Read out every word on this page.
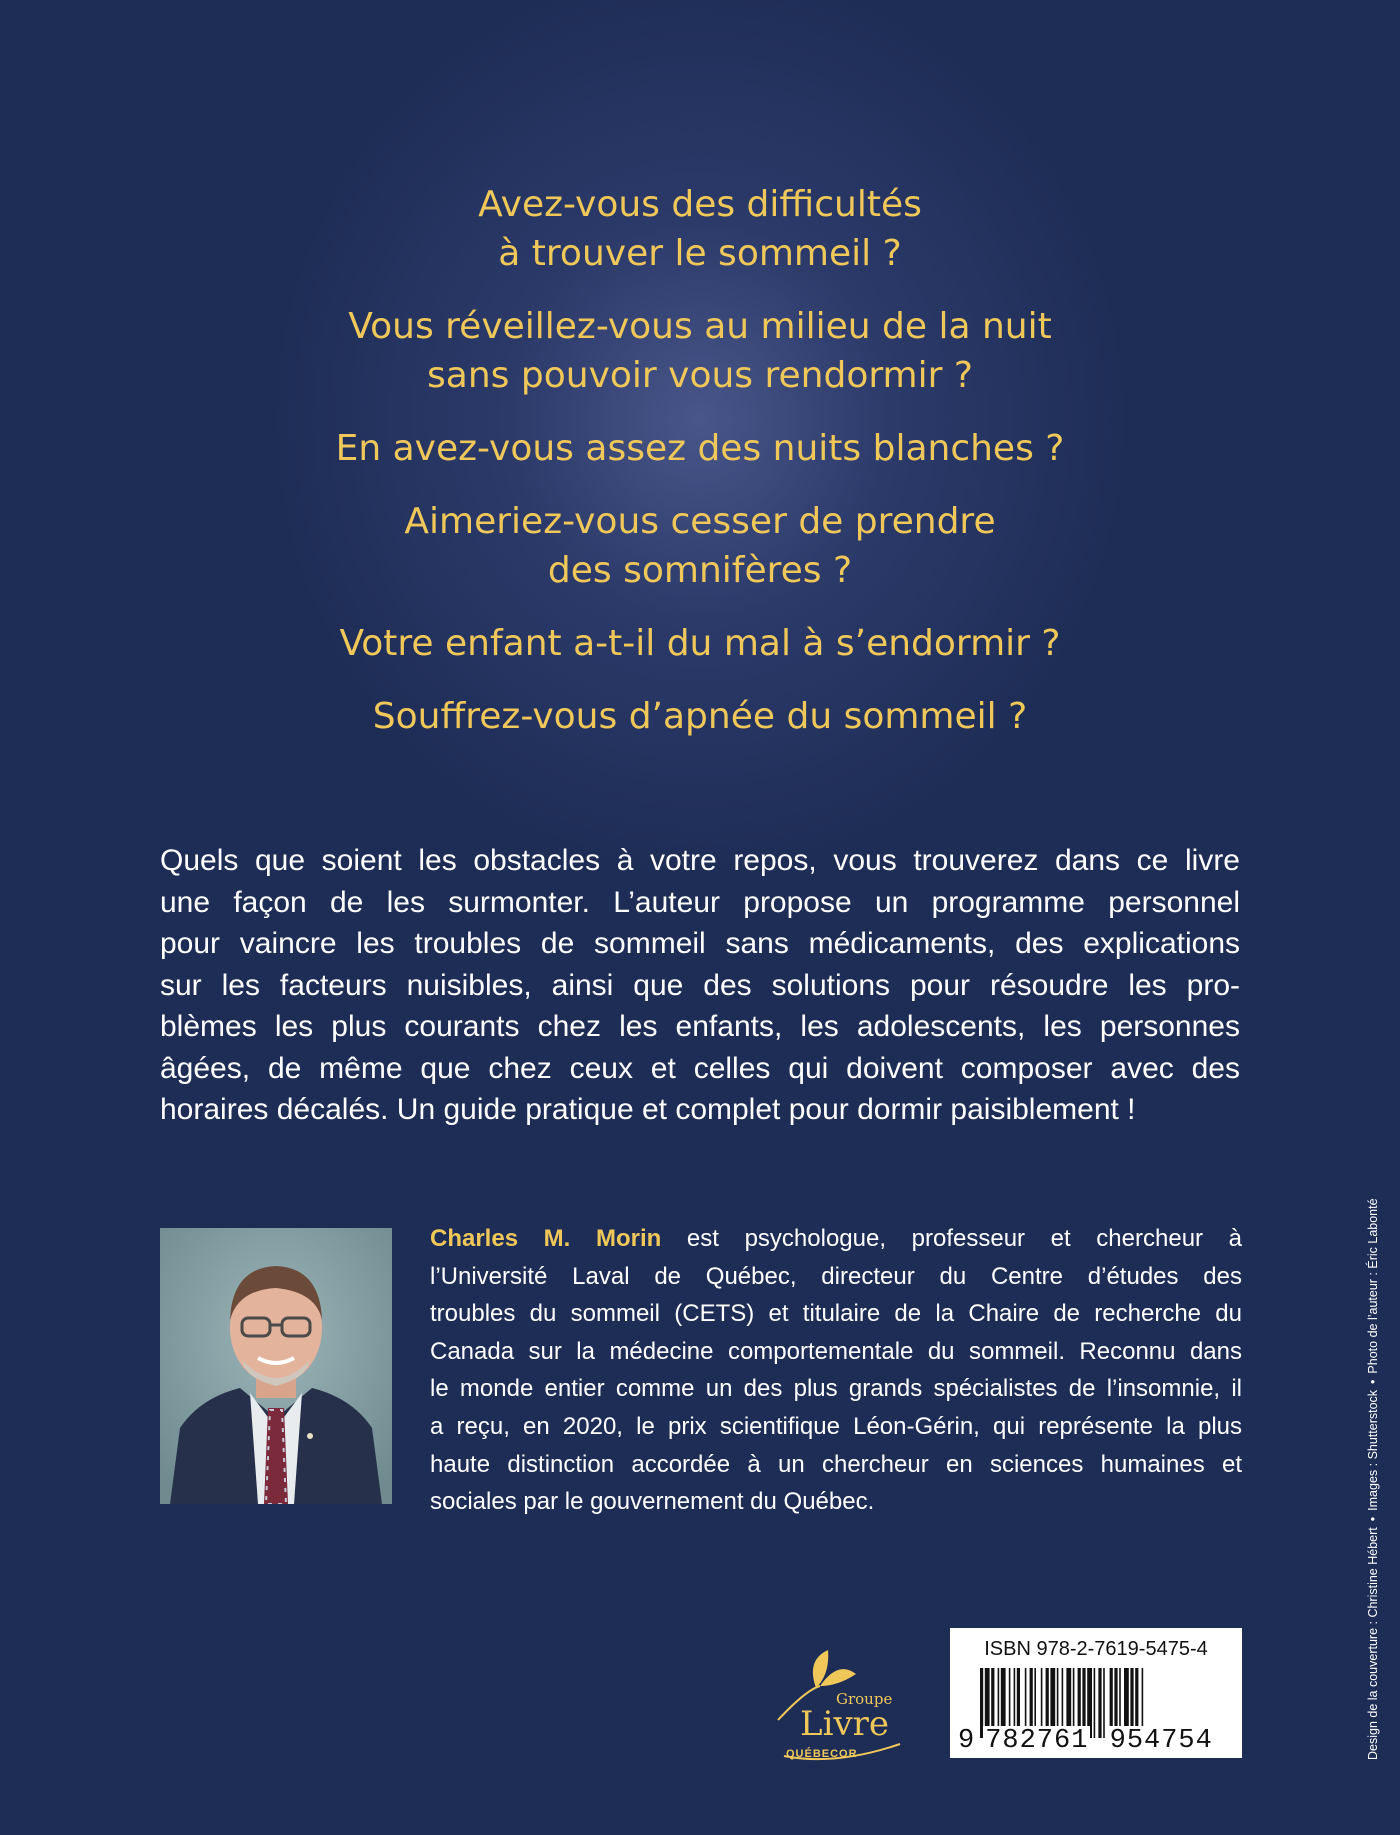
Avez-vous des difficultés
à trouver le sommeil ?
Vous réveillez-vous au milieu de la nuit
sans pouvoir vous rendormir ?
En avez-vous assez des nuits blanches ?
Aimeriez-vous cesser de prendre
des somnifères ?
Votre enfant a-t-il du mal à s’endormir ?
Souffrez-vous d’apnée du sommeil ?
Quels que soient les obstacles à votre repos, vous trouverez dans ce livre
une façon de les surmonter. L’auteur propose un programme personnel
pour vaincre les troubles de sommeil sans médicaments, des explications
sur les facteurs nuisibles, ainsi que des solutions pour résoudre les pro-
blèmes les plus courants chez les enfants, les adolescents, les personnes
âgées, de même que chez ceux et celles qui doivent composer avec des
horaires décalés. Un guide pratique et complet pour dormir paisiblement !
Charles M. Morin est psychologue, professeur et chercheur à
l’Université Laval de Québec, directeur du Centre d’études des
troubles du sommeil (CETS) et titulaire de la Chaire de recherche du
Canada sur la médecine comportementale du sommeil. Reconnu dans
le monde entier comme un des plus grands spécialistes de l’insomnie, il
a reçu, en 2020, le prix scientifique Léon-Gérin, qui représente la plus
haute distinction accordée à un chercheur en sciences humaines et
sociales par le gouvernement du Québec.
Design de la couverture : Christine Hébert•Images : Shutterstock•Photo de l’auteur : Éric Labonté
Groupe
Livre
QUÉBECOR
ISBN 978-2-7619-5475-4
9 782761 954754
